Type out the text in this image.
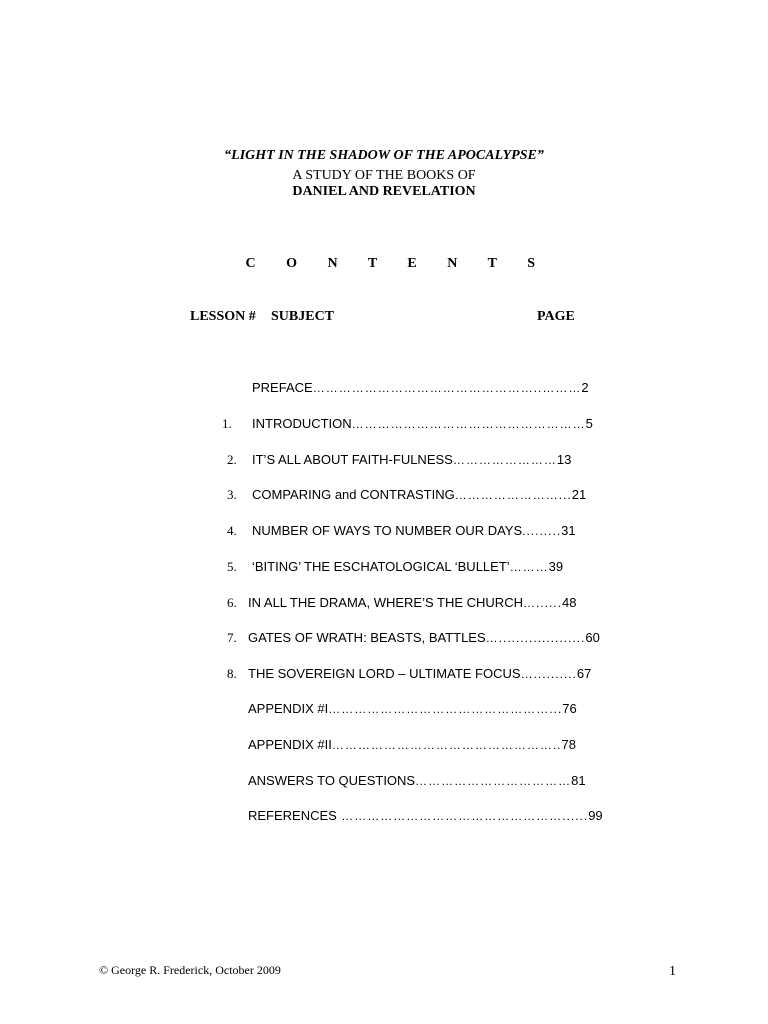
“LIGHT IN THE SHADOW OF THE APOCALYPSE”
A STUDY OF THE BOOKS OF
DANIEL AND REVELATION
C O N T E N T S
LESSON # SUBJECT	PAGE
PREFACE……………………………………………..………2
1. INTRODUCTION………………………………………………5
2. IT’S ALL ABOUT FAITH-FULNESS……………………13
3. COMPARING and CONTRASTING……………………...21
4. NUMBER OF WAYS TO NUMBER OUR DAYS.........31
5. ‘BITING’ THE ESCHATOLOGICAL ‘BULLET’………39
6. IN ALL THE DRAMA, WHERE’S THE CHURCH…......48
7. GATES OF WRATH: BEASTS, BATTLES…....................60
8. THE SOVEREIGN LORD – ULTIMATE FOCUS…..........67
APPENDIX #I……………………………………………...76
APPENDIX #II……………………………………………..78
ANSWERS TO QUESTIONS………………………………81
REFERENCES ……………………………………………......99
© George R. Frederick, October 2009	1
